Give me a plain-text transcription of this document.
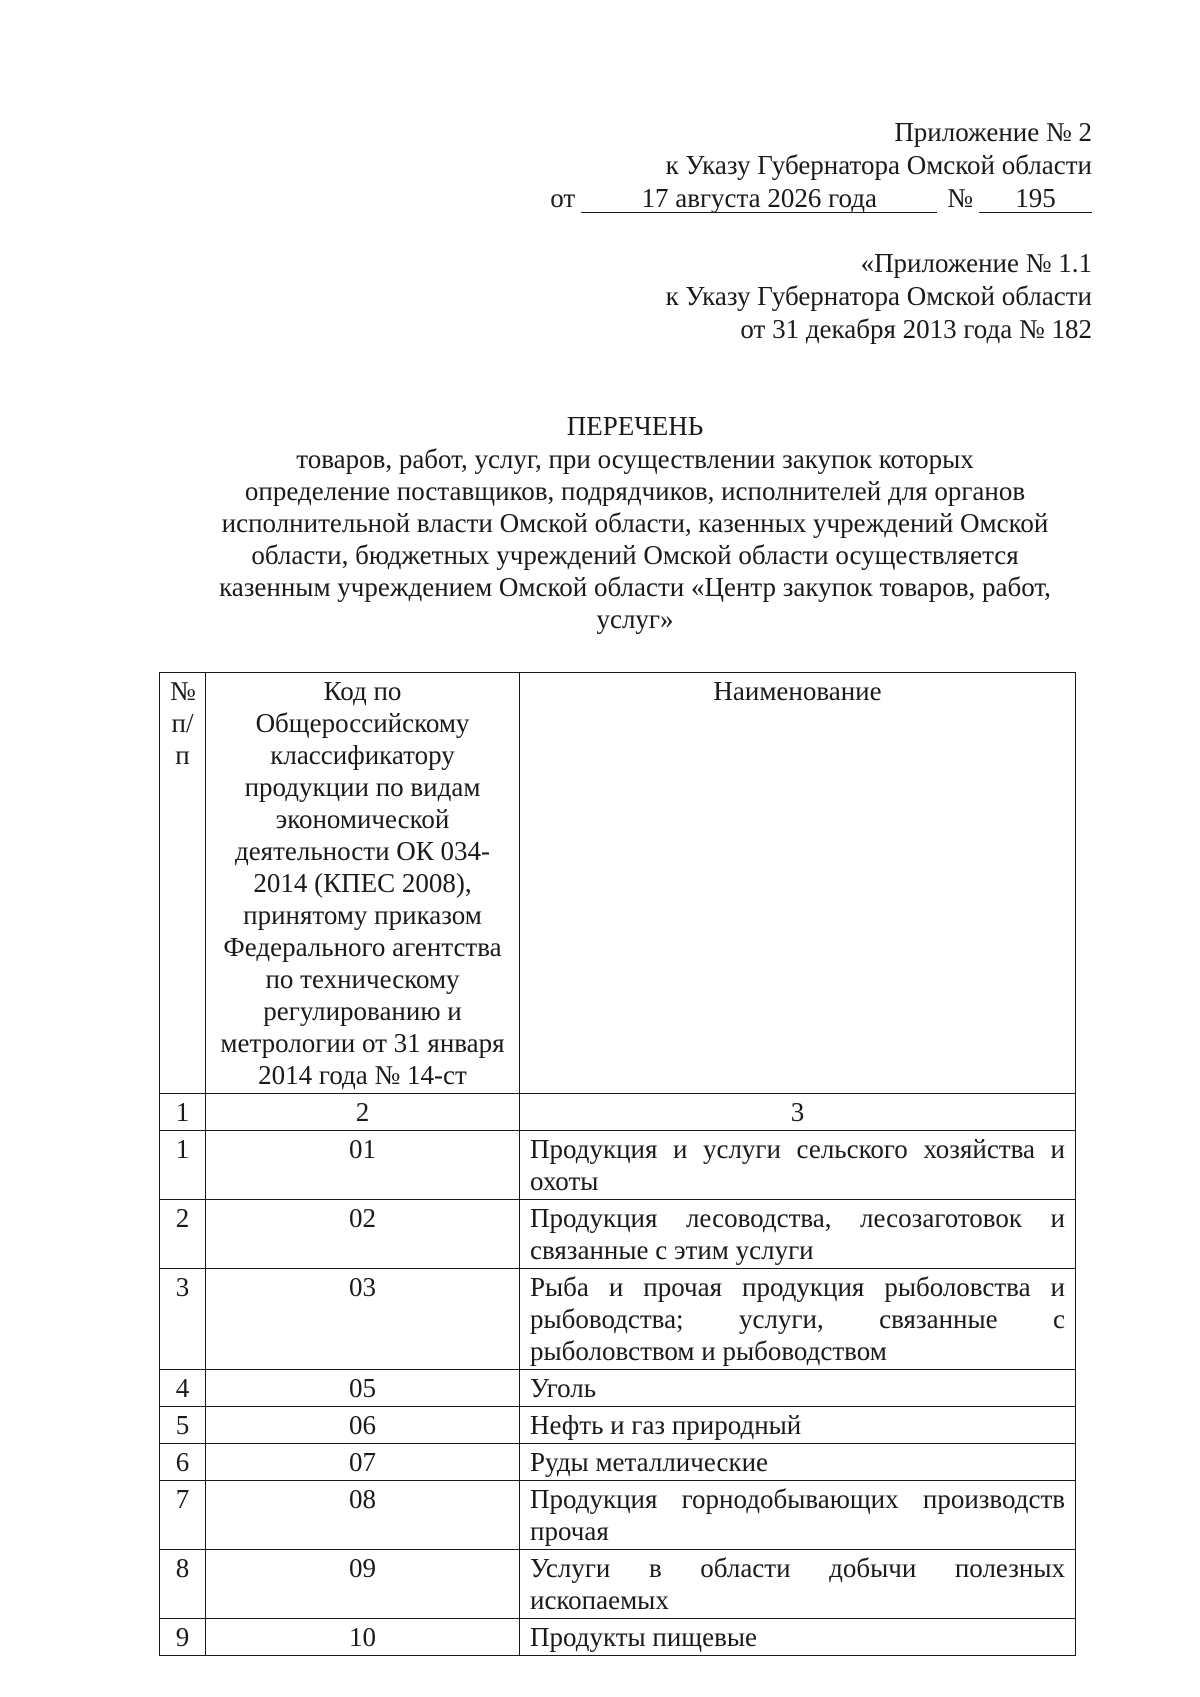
Приложение № 2
к Указу Губернатора Омской области
от 17 августа 2026 года	№ 195
«Приложение № 1.1
к Указу Губернатора Омской области
от 31 декабря 2013 года № 182
ПЕРЕЧЕНЬ
товаров, работ, услуг, при осуществлении закупок которых
определение поставщиков, подрядчиков, исполнителей для органов
исполнительной власти Омской области, казенных учреждений Омской
области, бюджетных учреждений Омской области осуществляется
казенным учреждением Омской области «Центр закупок товаров, работ,
услуг»
№ п/п	Код по Общероссийскому классификатору продукции по видам экономической деятельности ОК 034-2014 (КПЕС 2008), принятому приказом Федерального агентства по техническому регулированию и метрологии от 31 января 2014 года № 14-ст	Наименование
1	2	3
1	01	Продукция и услуги сельского хозяйства и охоты
2	02	Продукция лесоводства, лесозаготовок и связанные с этим услуги
3	03	Рыба и прочая продукция рыболовства и рыбоводства; услуги, связанные с рыболовством и рыбоводством
4	05	Уголь
5	06	Нефть и газ природный
6	07	Руды металлические
7	08	Продукция горнодобывающих производств прочая
8	09	Услуги в области добычи полезных ископаемых
9	10	Продукты пищевые
